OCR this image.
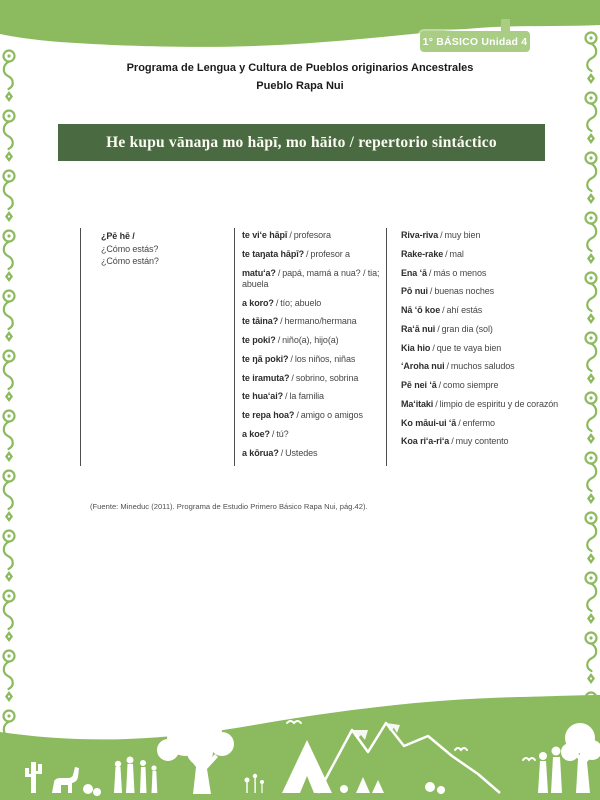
1° BÁSICO Unidad 4
Programa de Lengua y Cultura de Pueblos originarios Ancestrales
Pueblo Rapa Nui
He kupu vānaŋa mo hāpī, mo hāito / repertorio sintáctico
¿Pē hē /
¿Cómo estás?
¿Cómo están?
te viʻe hāpī / profesora
te taŋata hāpī? / profesor a
matuʻa? / papá, mamá a nua? / tia; abuela
a koro? / tío; abuelo
te tāina? / hermano/hermana
te poki? / niño(a), hijo(a)
te ŋā poki? / los niños, niñas
te iramuta? / sobrino, sobrina
te huaʻai? / la familia
te repa hoa? / amigo o amigos
a koe? / tú?
a kōrua? / Ustedes
Riva-riva / muy bien
Rake-rake / mal
Ena ʻā / más o menos
Pō nui / buenas noches
Nā ʻō koe / ahí estás
Raʻā nui / gran dia (sol)
Kia hio / que te vaya bien
ʻAroha nui / muchos saludos
Pē nei ʻā / como siempre
Maʻitaki / limpio de espiritu y de corazón
Ko māui-ui ʻā / enfermo
Koa riʻa-riʻa / muy contento
(Fuente: Mineduc (2011). Programa de Estudio Primero Básico Rapa Nui, pág.42).
